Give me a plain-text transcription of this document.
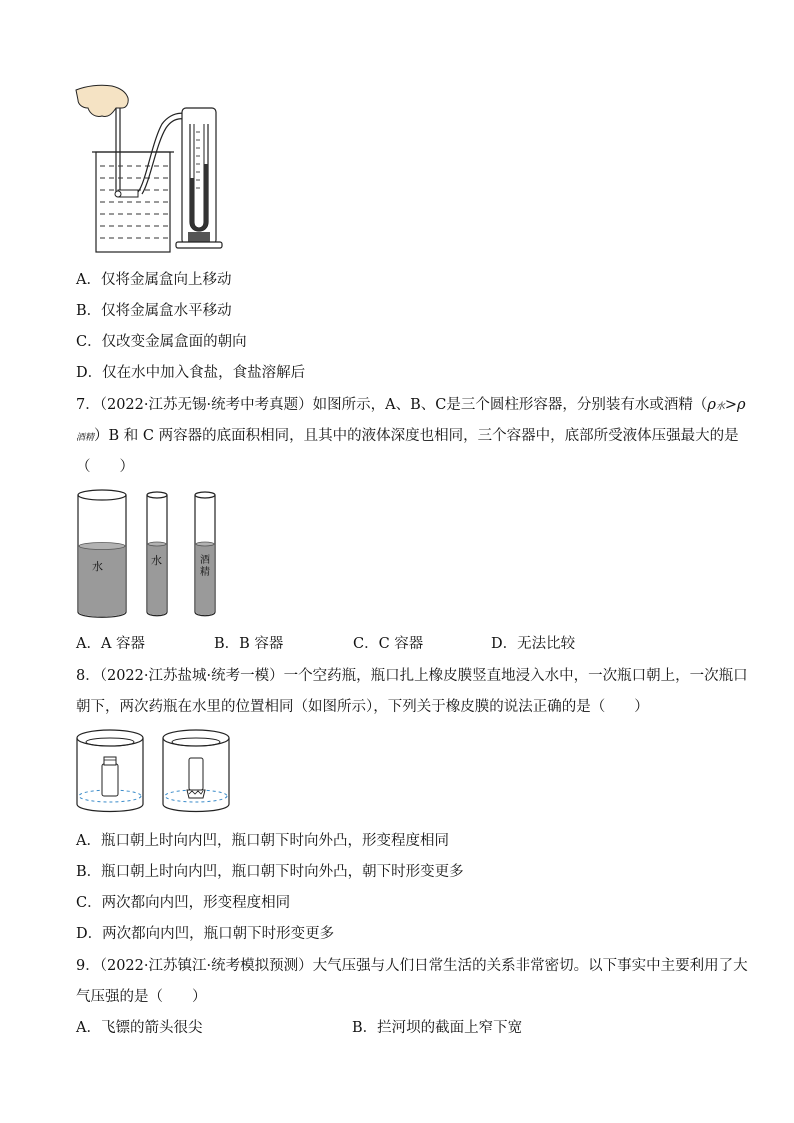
A．仅将金属盒向上移动
B．仅将金属盒水平移动
C．仅改变金属盒面的朝向
D．仅在水中加入食盐，食盐溶解后
7．（2022·江苏无锡·统考中考真题）如图所示，A、B、C是三个圆柱形容器，分别装有水或酒精（ρ水>ρ
酒精）B 和 C 两容器的底面积相同，且其中的液体深度也相同，三个容器中，底部所受液体压强最大的是
（　　）
水	水	酒
精
A．A 容器	B．B 容器	C．C 容器	D．无法比较
8．（2022·江苏盐城·统考一模）一个空药瓶，瓶口扎上橡皮膜竖直地浸入水中，一次瓶口朝上，一次瓶口
朝下，两次药瓶在水里的位置相同（如图所示），下列关于橡皮膜的说法正确的是（　　）
A．瓶口朝上时向内凹，瓶口朝下时向外凸，形变程度相同
B．瓶口朝上时向内凹，瓶口朝下时向外凸，朝下时形变更多
C．两次都向内凹，形变程度相同
D．两次都向内凹，瓶口朝下时形变更多
9．（2022·江苏镇江·统考模拟预测）大气压强与人们日常生活的关系非常密切。以下事实中主要利用了大
气压强的是（　　）
A．飞镖的箭头很尖	B．拦河坝的截面上窄下宽
